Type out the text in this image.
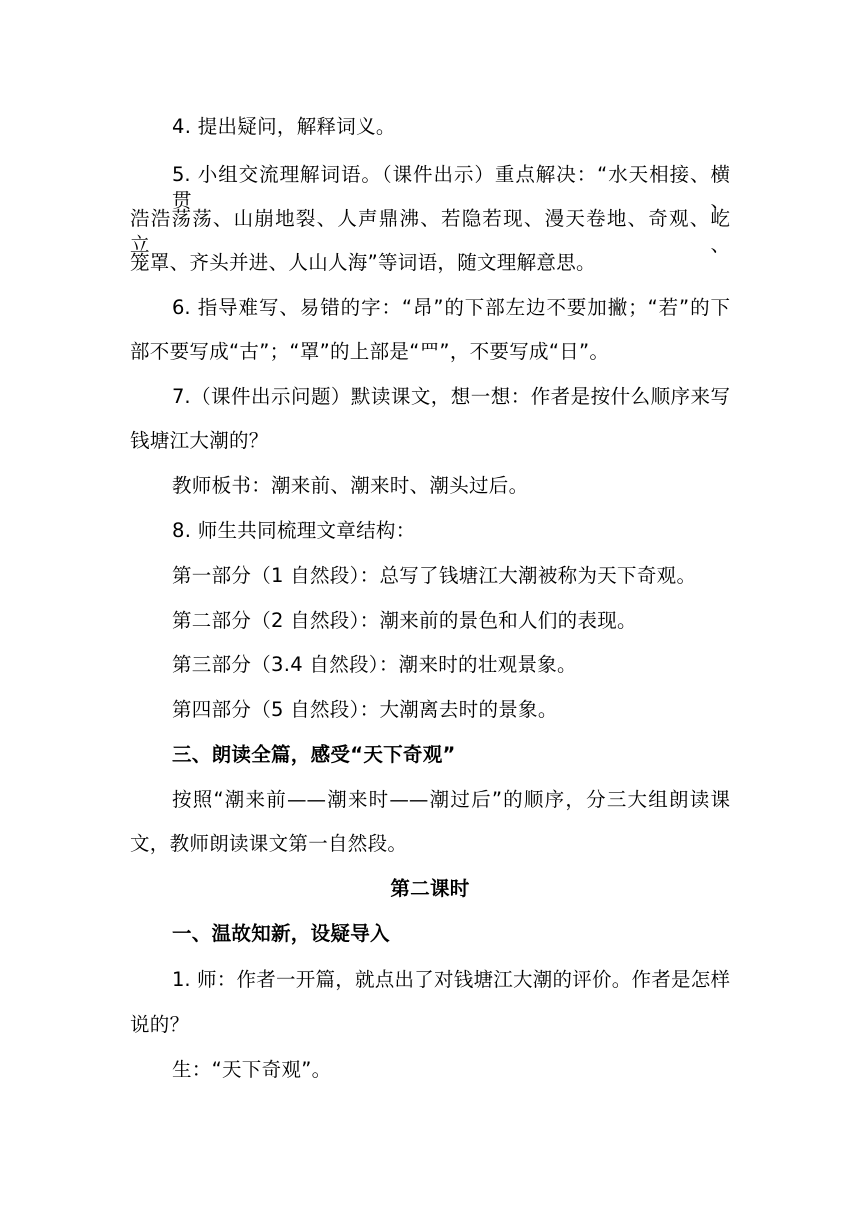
4. 提出疑问，解释词义。
5. 小组交流理解词语。（课件出示）重点解决：“水天相接、横贯、
浩浩荡荡、山崩地裂、人声鼎沸、若隐若现、漫天卷地、奇观、屹立、
笼罩、齐头并进、人山人海”等词语，随文理解意思。
6. 指导难写、易错的字：“昂”的下部左边不要加撇；“若”的下
部不要写成“古”；“罩”的上部是“罒”，不要写成“日”。
7.（课件出示问题）默读课文，想一想：作者是按什么顺序来写
钱塘江大潮的？
教师板书：潮来前、潮来时、潮头过后。
8. 师生共同梳理文章结构：
第一部分（1 自然段）：总写了钱塘江大潮被称为天下奇观。
第二部分（2 自然段）：潮来前的景色和人们的表现。
第三部分（3.4 自然段）：潮来时的壮观景象。
第四部分（5 自然段）：大潮离去时的景象。
三、朗读全篇，感受“天下奇观”
按照“潮来前——潮来时——潮过后”的顺序，分三大组朗读课
文，教师朗读课文第一自然段。
第二课时
一、温故知新，设疑导入
1. 师：作者一开篇，就点出了对钱塘江大潮的评价。作者是怎样
说的？
生：“天下奇观”。
